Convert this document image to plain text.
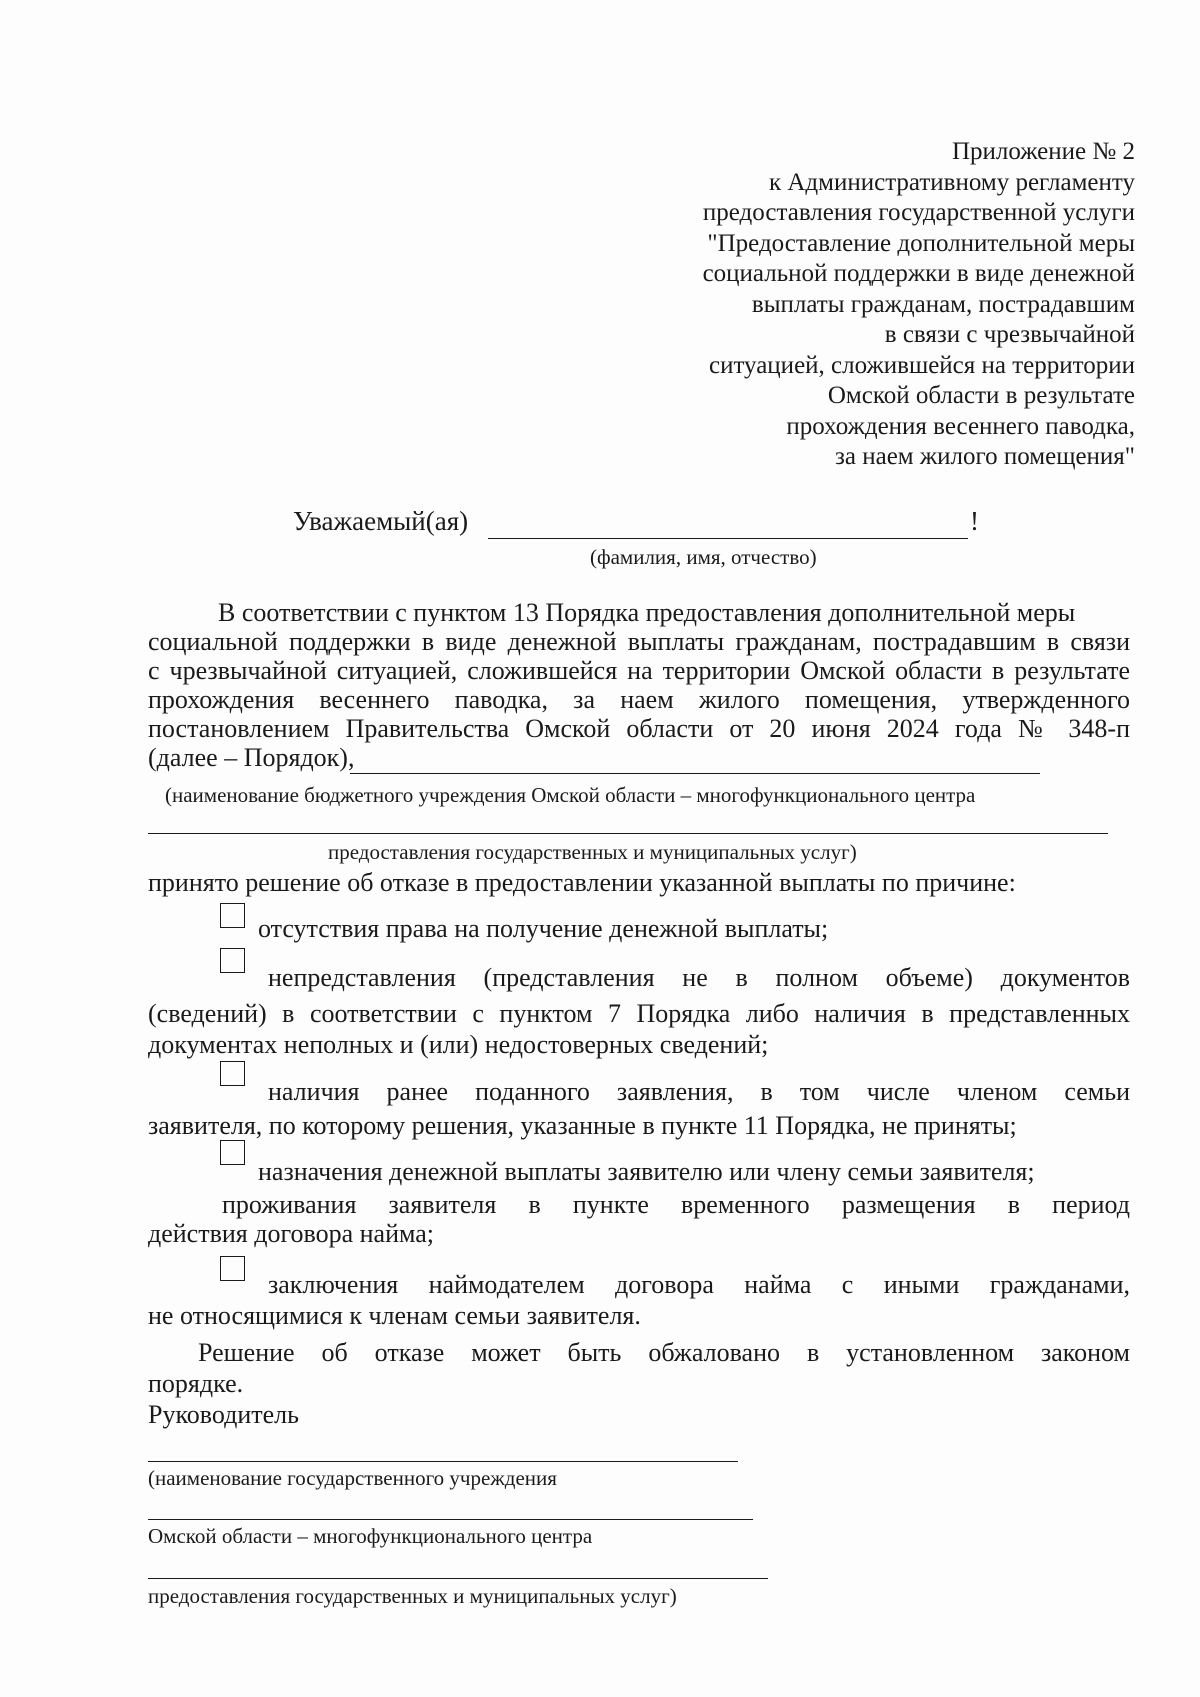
Приложение № 2
к Административному регламенту
предоставления государственной услуги
"Предоставление дополнительной меры
социальной поддержки в виде денежной
выплаты гражданам, пострадавшим
в связи с чрезвычайной
ситуацией, сложившейся на территории
Омской области в результате
прохождения весеннего паводка,
за наем жилого помещения"
Уважаемый(ая)	!
(фамилия, имя, отчество)
В соответствии с пунктом 13 Порядка предоставления дополнительной меры
социальной поддержки в виде денежной выплаты гражданам, пострадавшим в связи
с чрезвычайной ситуацией, сложившейся на территории Омской области в результате
прохождения весеннего паводка, за наем жилого помещения, утвержденного
постановлением Правительства Омской области от 20 июня 2024 года № 348-п
(далее – Порядок),
(наименование бюджетного учреждения Омской области – многофункционального центра
предоставления государственных и муниципальных услуг)
принято решение об отказе в предоставлении указанной выплаты по причине:
отсутствия права на получение денежной выплаты;
непредставления (представления не в полном объеме) документов
(сведений) в соответствии с пунктом 7 Порядка либо наличия в представленных
документах неполных и (или) недостоверных сведений;
наличия ранее поданного заявления, в том числе членом семьи
заявителя, по которому решения, указанные в пункте 11 Порядка, не приняты;
назначения денежной выплаты заявителю или члену семьи заявителя;
проживания заявителя в пункте временного размещения в период
действия договора найма;
заключения наймодателем договора найма с иными гражданами,
не относящимися к членам семьи заявителя.
Решение об отказе может быть обжаловано в установленном законом
порядке.
Руководитель
(наименование государственного учреждения
Омской области – многофункционального центра
предоставления государственных и муниципальных услуг)
